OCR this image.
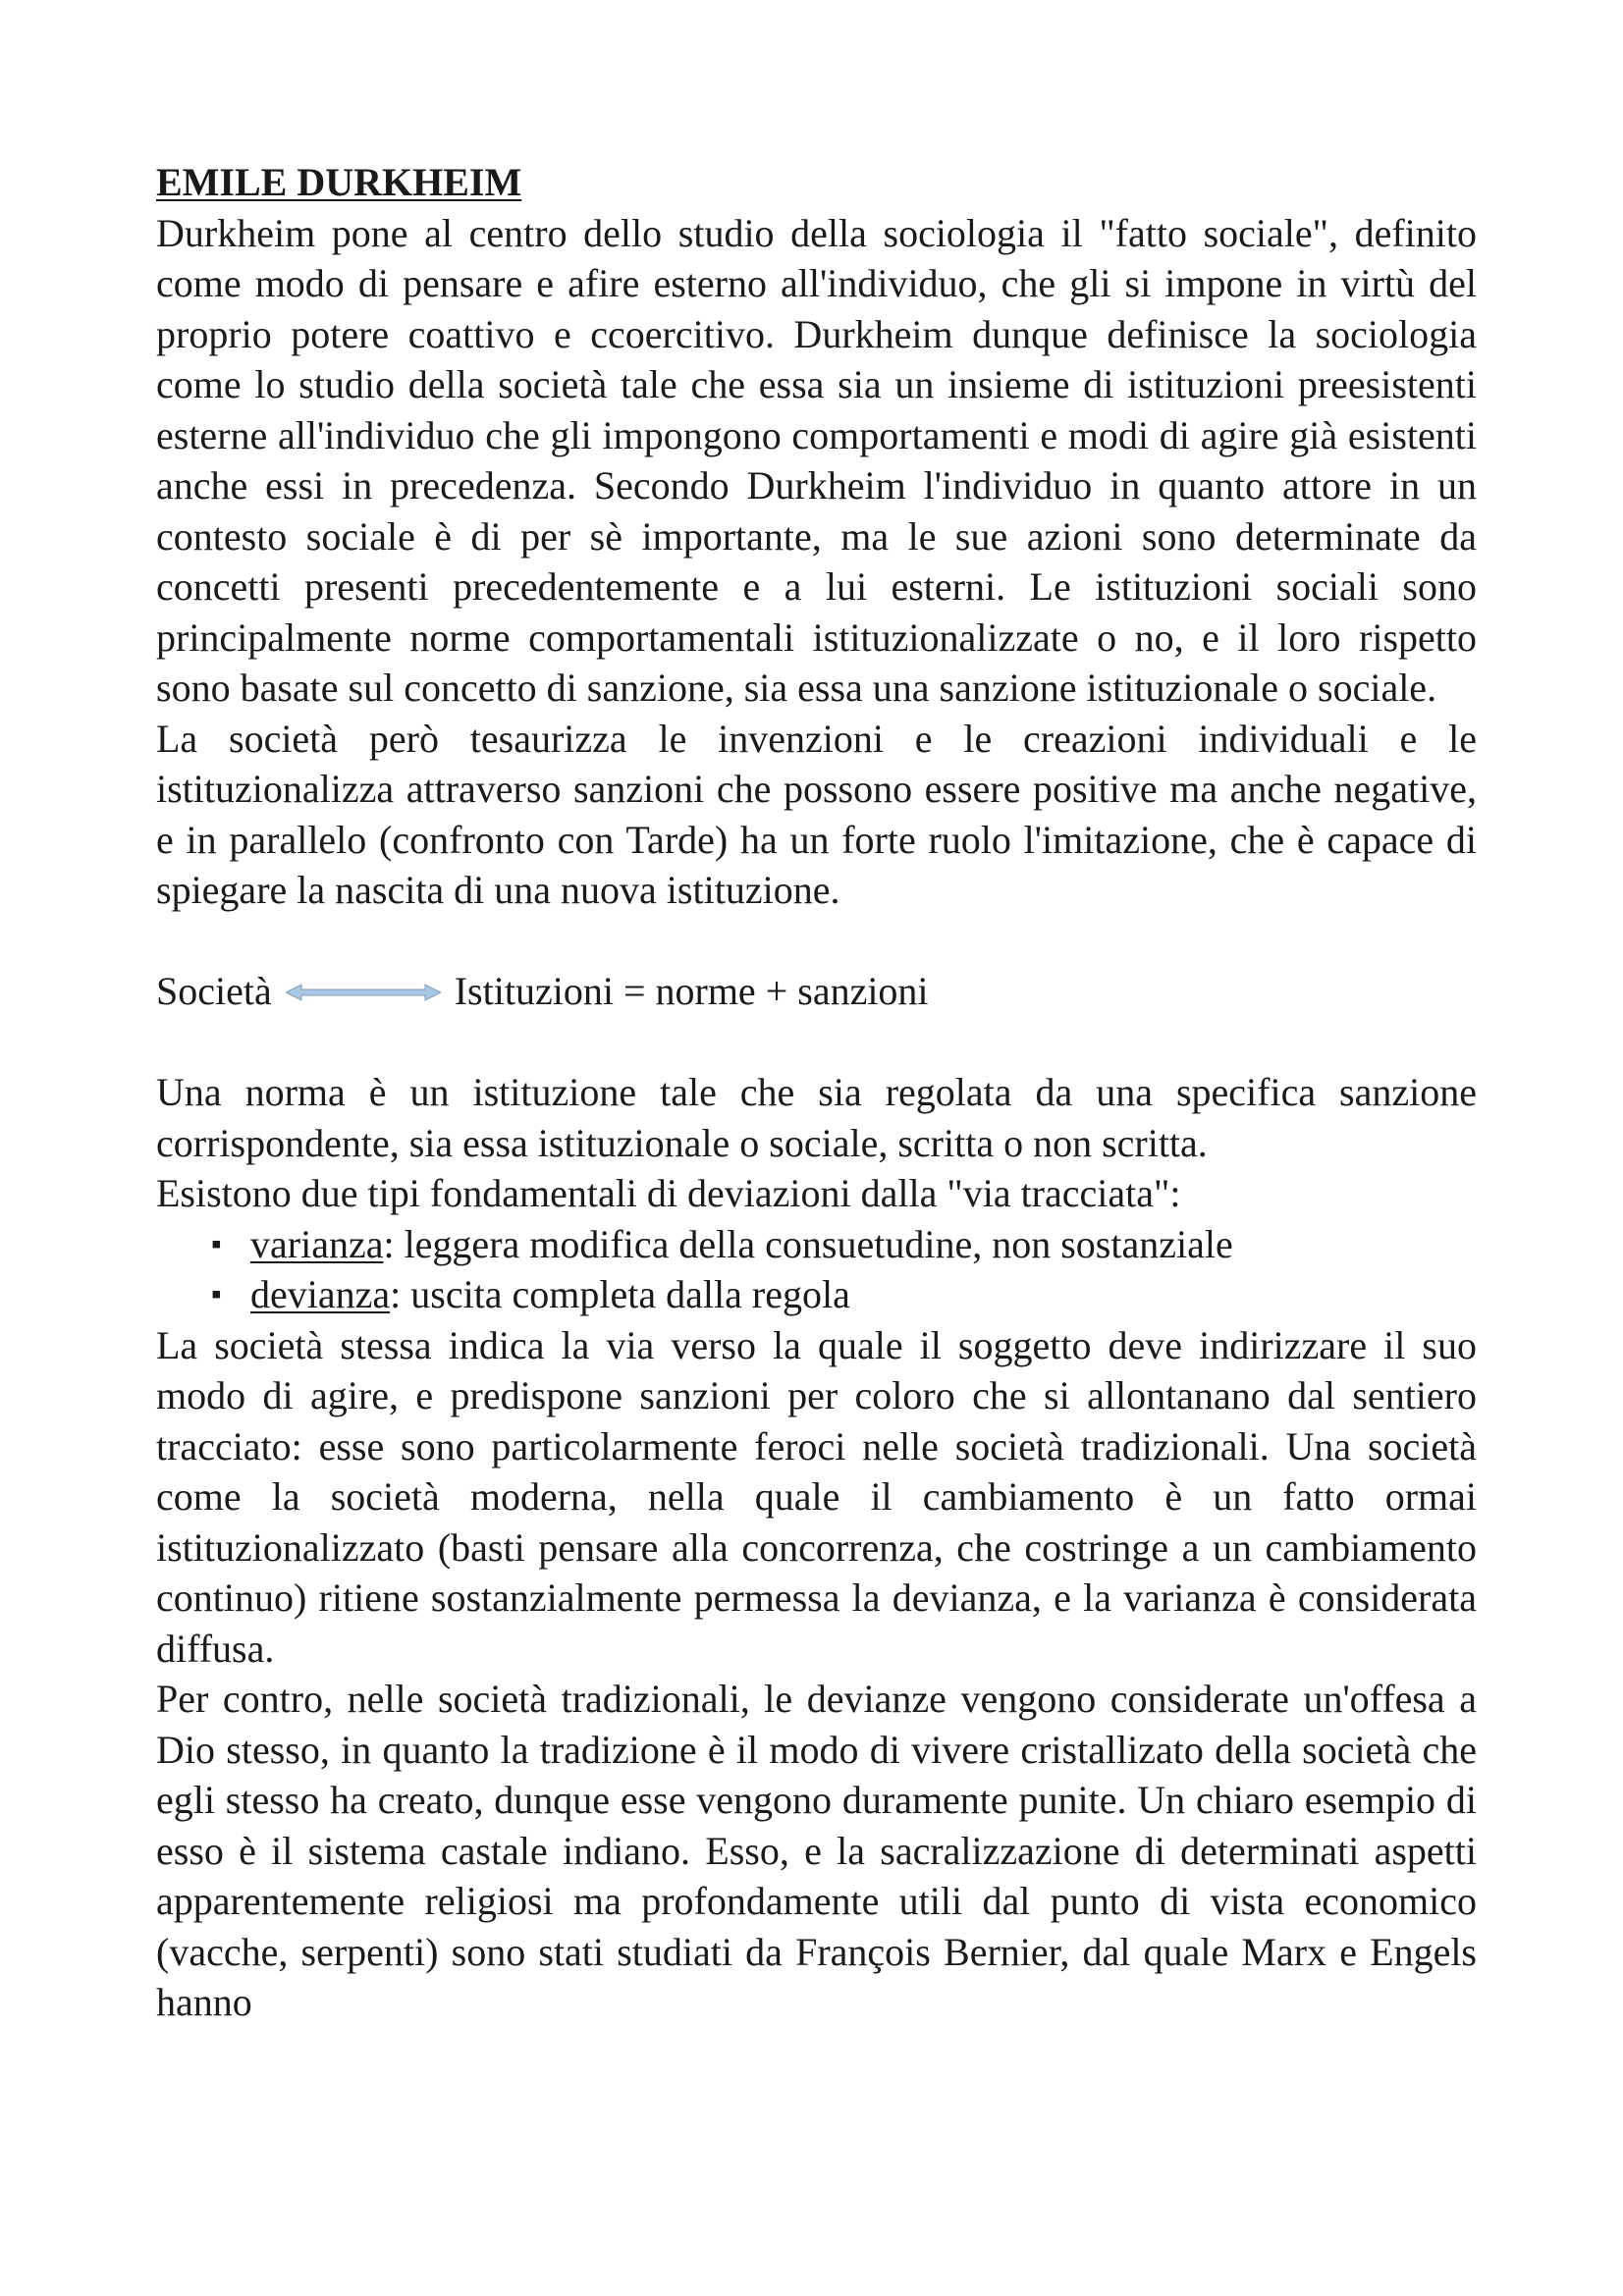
EMILE DURKHEIM

Durkheim pone al centro dello studio della sociologia il "fatto sociale", definito come modo di pensare e afire esterno all'individuo, che gli si impone in virtù del proprio potere coattivo e ccoercitivo. Durkheim dunque definisce la sociologia come lo studio della società tale che essa sia un insieme di istituzioni preesistenti esterne all'individuo che gli impongono comportamenti e modi di agire già esistenti anche essi in precedenza. Secondo Durkheim l'individuo in quanto attore in un contesto sociale è di per sè importante, ma le sue azioni sono determinate da concetti presenti precedentemente e a lui esterni. Le istituzioni sociali sono principalmente norme comportamentali istituzionalizzate o no, e il loro rispetto sono basate sul concetto di sanzione, sia essa una sanzione istituzionale o sociale.

La società però tesaurizza le invenzioni e le creazioni individuali e le istituzionalizza attraverso sanzioni che possono essere positive ma anche negative, e in parallelo (confronto con Tarde) ha un forte ruolo l'imitazione, che è capace di spiegare la nascita di una nuova istituzione.

Società	Istituzioni = norme + sanzioni

Una norma è un istituzione tale che sia regolata da una specifica sanzione corrispondente, sia essa istituzionale o sociale, scritta o non scritta.

Esistono due tipi fondamentali di deviazioni dalla "via tracciata":

▪ varianza: leggera modifica della consuetudine, non sostanziale
▪ devianza: uscita completa dalla regola

La società stessa indica la via verso la quale il soggetto deve indirizzare il suo modo di agire, e predispone sanzioni per coloro che si allontanano dal sentiero tracciato: esse sono particolarmente feroci nelle società tradizionali. Una società come la società moderna, nella quale il cambiamento è un fatto ormai istituzionalizzato (basti pensare alla concorrenza, che costringe a un cambiamento continuo) ritiene sostanzialmente permessa la devianza, e la varianza è considerata diffusa.

Per contro, nelle società tradizionali, le devianze vengono considerate un'offesa a Dio stesso, in quanto la tradizione è il modo di vivere cristallizato della società che egli stesso ha creato, dunque esse vengono duramente punite. Un chiaro esempio di esso è il sistema castale indiano. Esso, e la sacralizzazione di determinati aspetti apparentemente religiosi ma profondamente utili dal punto di vista economico (vacche, serpenti) sono stati studiati da François Bernier, dal quale Marx e Engels hanno
